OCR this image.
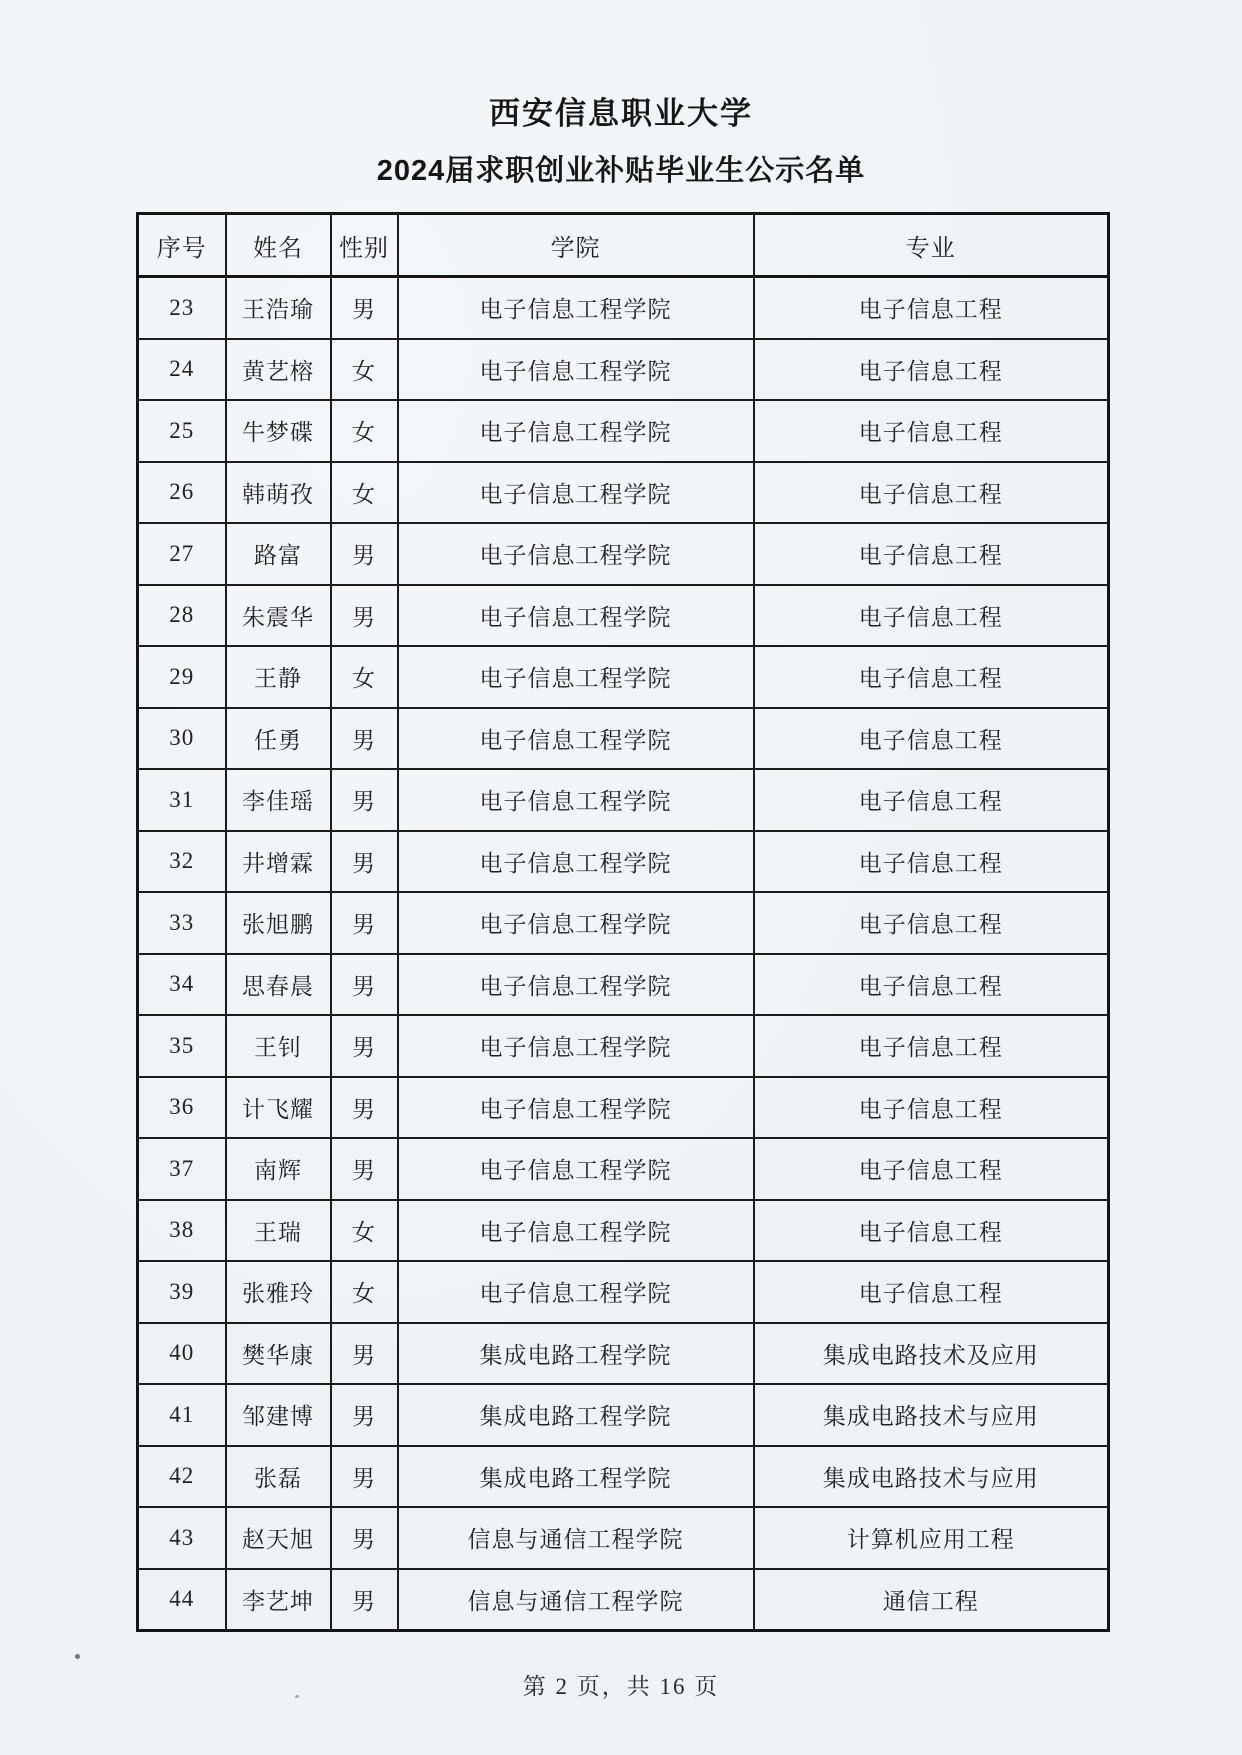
西安信息职业大学
2024届求职创业补贴毕业生公示名单
序号	姓名	性别	学院	专业
23	王浩瑜	男	电子信息工程学院	电子信息工程
24	黄艺榕	女	电子信息工程学院	电子信息工程
25	牛梦碟	女	电子信息工程学院	电子信息工程
26	韩萌孜	女	电子信息工程学院	电子信息工程
27	路富	男	电子信息工程学院	电子信息工程
28	朱震华	男	电子信息工程学院	电子信息工程
29	王静	女	电子信息工程学院	电子信息工程
30	任勇	男	电子信息工程学院	电子信息工程
31	李佳瑶	男	电子信息工程学院	电子信息工程
32	井增霖	男	电子信息工程学院	电子信息工程
33	张旭鹏	男	电子信息工程学院	电子信息工程
34	思春晨	男	电子信息工程学院	电子信息工程
35	王钊	男	电子信息工程学院	电子信息工程
36	计飞耀	男	电子信息工程学院	电子信息工程
37	南辉	男	电子信息工程学院	电子信息工程
38	王瑞	女	电子信息工程学院	电子信息工程
39	张雅玲	女	电子信息工程学院	电子信息工程
40	樊华康	男	集成电路工程学院	集成电路技术及应用
41	邹建博	男	集成电路工程学院	集成电路技术与应用
42	张磊	男	集成电路工程学院	集成电路技术与应用
43	赵天旭	男	信息与通信工程学院	计算机应用工程
44	李艺坤	男	信息与通信工程学院	通信工程
第 2 页，共 16 页
